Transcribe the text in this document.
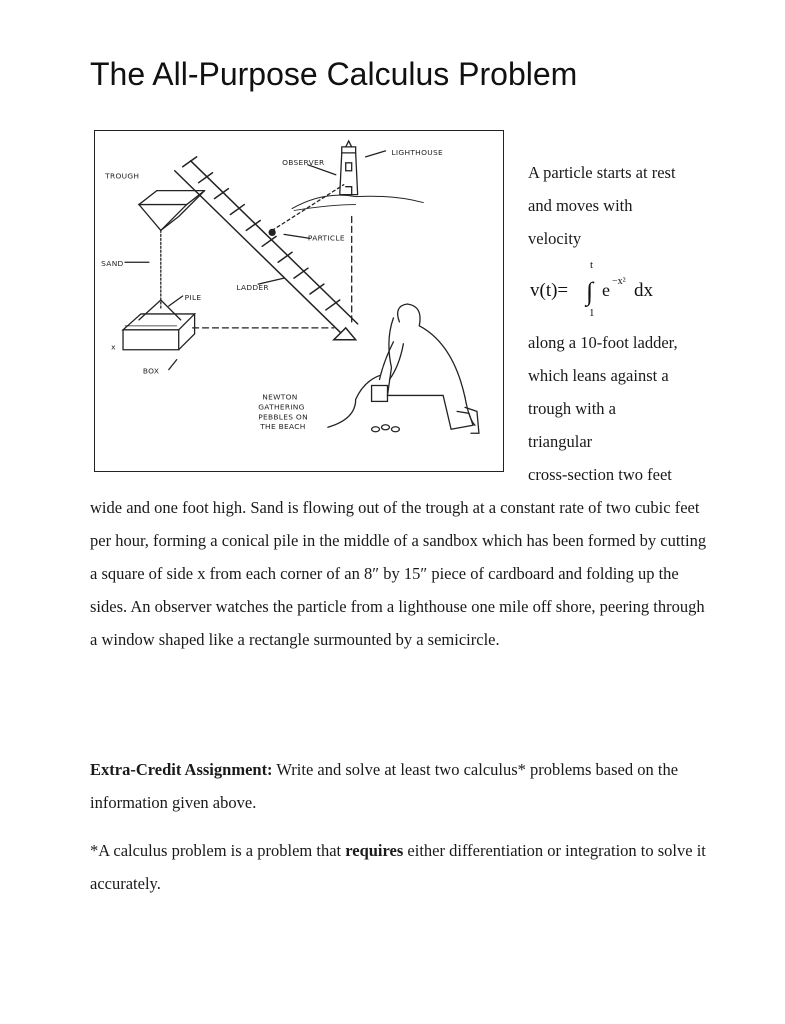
The All-Purpose Calculus Problem
TROUGH
OBSERVER
LIGHTHOUSE
PARTICLE
SAND
LADDER
PILE
x
BOX
NEWTON
GATHERING
PEBBLES ON
THE BEACH

A particle starts at rest

and moves with

velocity

v(t)= ∫
t
1
e −x² dx

along a 10-foot ladder,

which leans against a

trough with a

triangular

cross-section two feet

wide and one foot high. Sand is flowing out of the trough at a constant rate of two cubic feet per hour, forming a conical pile in the middle of a sandbox which has been formed by cutting a square of side x from each corner of an 8″ by 15″ piece of cardboard and folding up the sides. An observer watches the particle from a lighthouse one mile off shore, peering through a window shaped like a rectangle surmounted by a semicircle.

Extra-Credit Assignment: Write and solve at least two calculus* problems based on the information given above.

*A calculus problem is a problem that requires either differentiation or integration to solve it accurately.
